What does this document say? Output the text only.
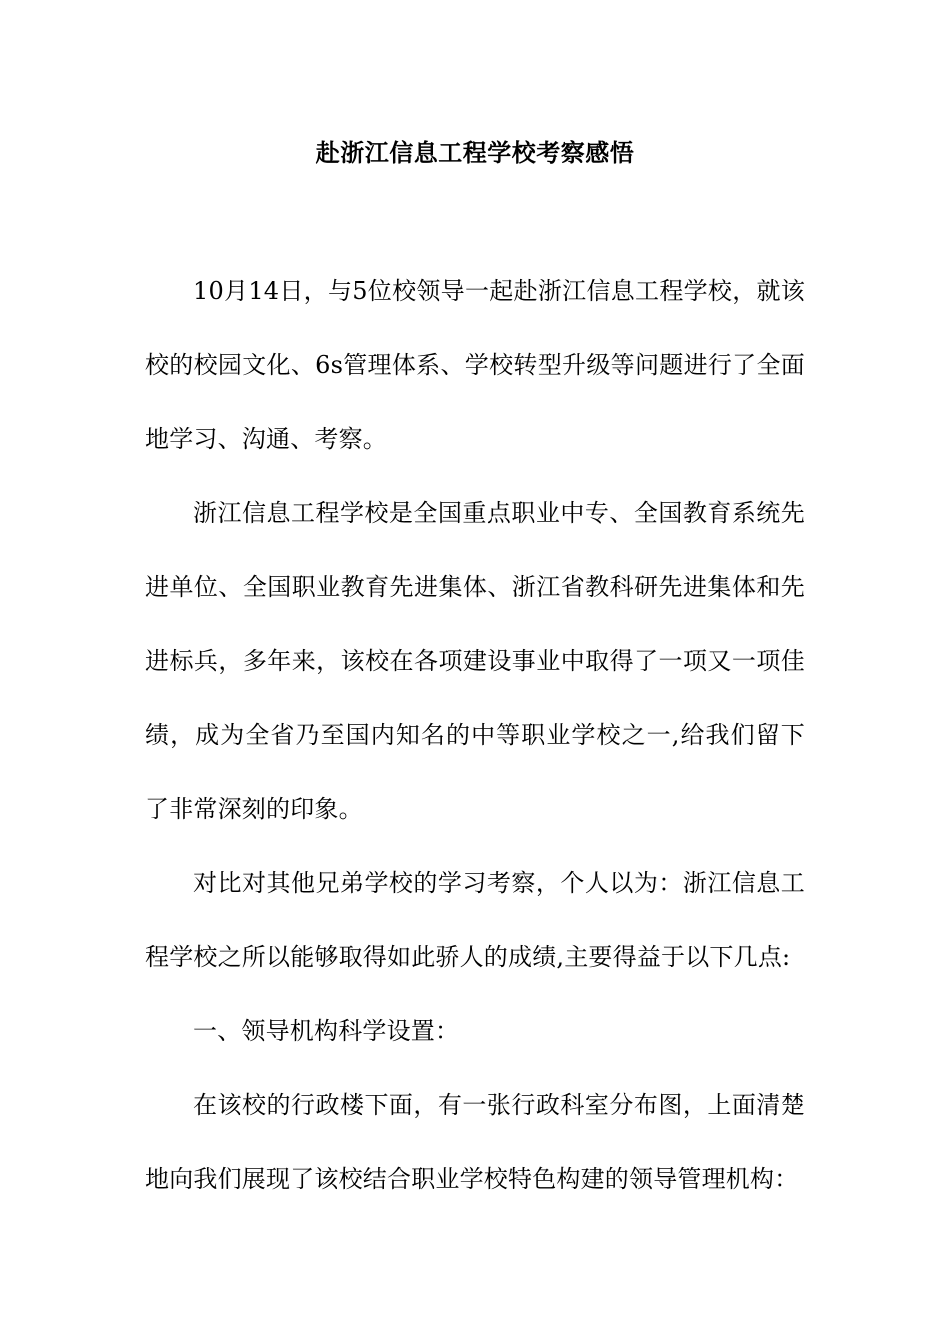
赴浙江信息工程学校考察感悟

10月14日，与5位校领导一起赴浙江信息工程学校，就该校的校园文化、6s管理体系、学校转型升级等问题进行了全面地学习、沟通、考察。

浙江信息工程学校是全国重点职业中专、全国教育系统先进单位、全国职业教育先进集体、浙江省教科研先进集体和先进标兵，多年来，该校在各项建设事业中取得了一项又一项佳绩，成为全省乃至国内知名的中等职业学校之一,给我们留下了非常深刻的印象。

对比对其他兄弟学校的学习考察，个人以为：浙江信息工程学校之所以能够取得如此骄人的成绩,主要得益于以下几点:

一、领导机构科学设置：

在该校的行政楼下面，有一张行政科室分布图，上面清楚地向我们展现了该校结合职业学校特色构建的领导管理机构：
